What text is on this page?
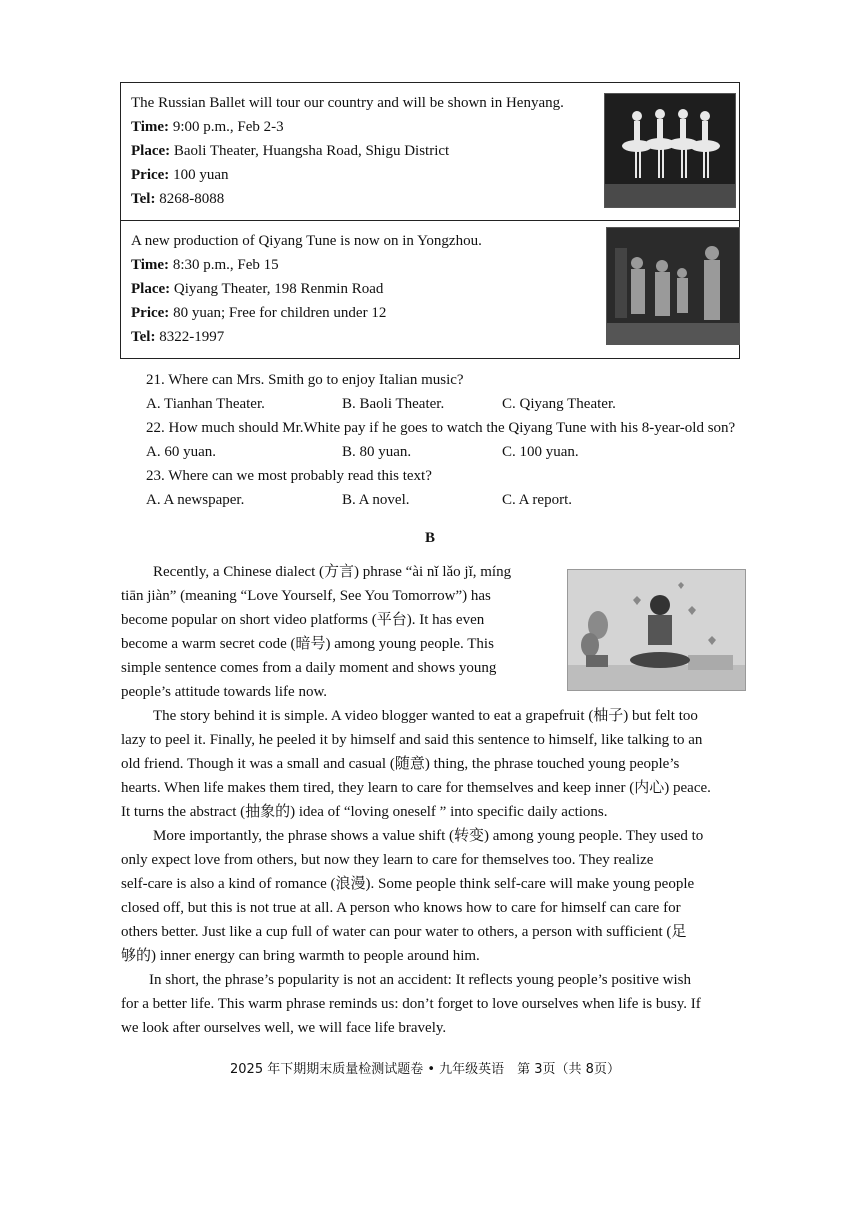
The Russian Ballet will tour our country and will be shown in Henyang.

Time: 9:00 p.m., Feb 2-3

Place: Baoli Theater, Huangsha Road, Shigu District

Price: 100 yuan

Tel: 8268-8088

A new production of Qiyang Tune is now on in Yongzhou.

Time: 8:30 p.m., Feb 15

Place: Qiyang Theater, 198 Renmin Road

Price: 80 yuan; Free for children under 12

Tel: 8322-1997

21. Where can Mrs. Smith go to enjoy Italian music?
A. Tianhan Theater.	B. Baoli Theater.	C. Qiyang Theater.
22. How much should Mr.White pay if he goes to watch the Qiyang Tune with his 8-year-old son?
A. 60 yuan.	B. 80 yuan.	C. 100 yuan.
23. Where can we most probably read this text?
A. A newspaper.	B. A novel.	C. A report.
B
Recently, a Chinese dialect (方言) phrase “ài nǐ lǎo jǐ, míng
tiān jiàn” (meaning “Love Yourself, See You Tomorrow”) has
become popular on short video platforms (平台). It has even
become a warm secret code (暗号) among young people. This
simple sentence comes from a daily moment and shows young
people’s attitude towards life now.
The story behind it is simple. A video blogger wanted to eat a grapefruit (柚子) but felt too
lazy to peel it. Finally, he peeled it by himself and said this sentence to himself, like talking to an
old friend. Though it was a small and casual (随意) thing, the phrase touched young people’s
hearts. When life makes them tired, they learn to care for themselves and keep inner (内心) peace.
It turns the abstract (抽象的) idea of “loving oneself ” into specific daily actions.
More importantly, the phrase shows a value shift (转变) among young people. They used to
only expect love from others, but now they learn to care for themselves too. They realize
self-care is also a kind of romance (浪漫). Some people think self-care will make young people
closed off, but this is not true at all. A person who knows how to care for himself can care for
others better. Just like a cup full of water can pour water to others, a person with sufficient (足
够的) inner energy can bring warmth to people around him.
In short, the phrase’s popularity is not an accident: It reflects young people’s positive wish
for a better life. This warm phrase reminds us: don’t forget to love ourselves when life is busy. If
we look after ourselves well, we will face life bravely.
2025 年下期期末质量检测试题卷 • 九年级英语　第 3页（共 8页）
